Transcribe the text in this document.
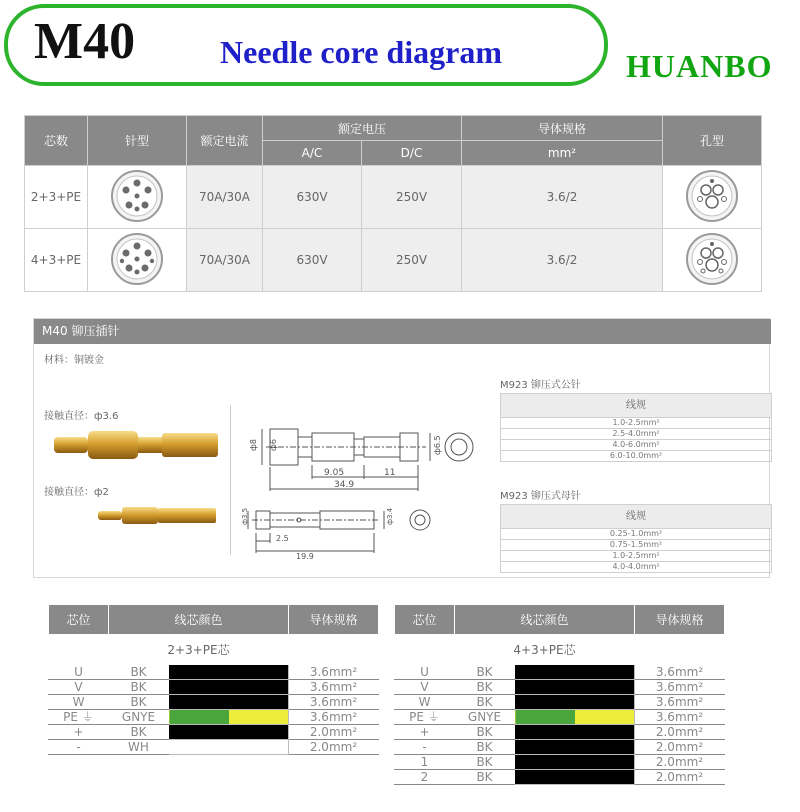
M40	Needle core diagram	HUANBO
芯数	针型	额定电流	额定电压		导体规格	孔型
			A/C	D/C	mm²	
2+3+PE		70A/30A	630V	250V	3.6/2	
4+3+PE		70A/30A	630V	250V	3.6/2	
M40 铆压插针
材料：铜镀金
接触直径：ф3.6
接触直径：ф2
ф8 ф6	ф6.5
9.05	11
34.9
ф3.5	ф3.4
2.5
19.9
M923 铆压式公针
线规
1.0-2.5mm²
2.5-4.0mm²
4.0-6.0mm²
6.0-10.0mm²
M923 铆压式母针
线规
0.25-1.0mm²
0.75-1.5mm²
1.0-2.5mm²
4.0-4.0mm²
芯位	线芯颜色		导体规格
	2+3+PE芯		
U	BK		3.6mm²
V	BK		3.6mm²
W	BK		3.6mm²
PE ⏚	GNYE		3.6mm²
+	BK		2.0mm²
-	WH		2.0mm²
芯位	线芯颜色		导体规格
	4+3+PE芯		
U	BK		3.6mm²
V	BK		3.6mm²
W	BK		3.6mm²
PE ⏚	GNYE		3.6mm²
+	BK		2.0mm²
-	BK		2.0mm²
1	BK		2.0mm²
2	BK		2.0mm²
